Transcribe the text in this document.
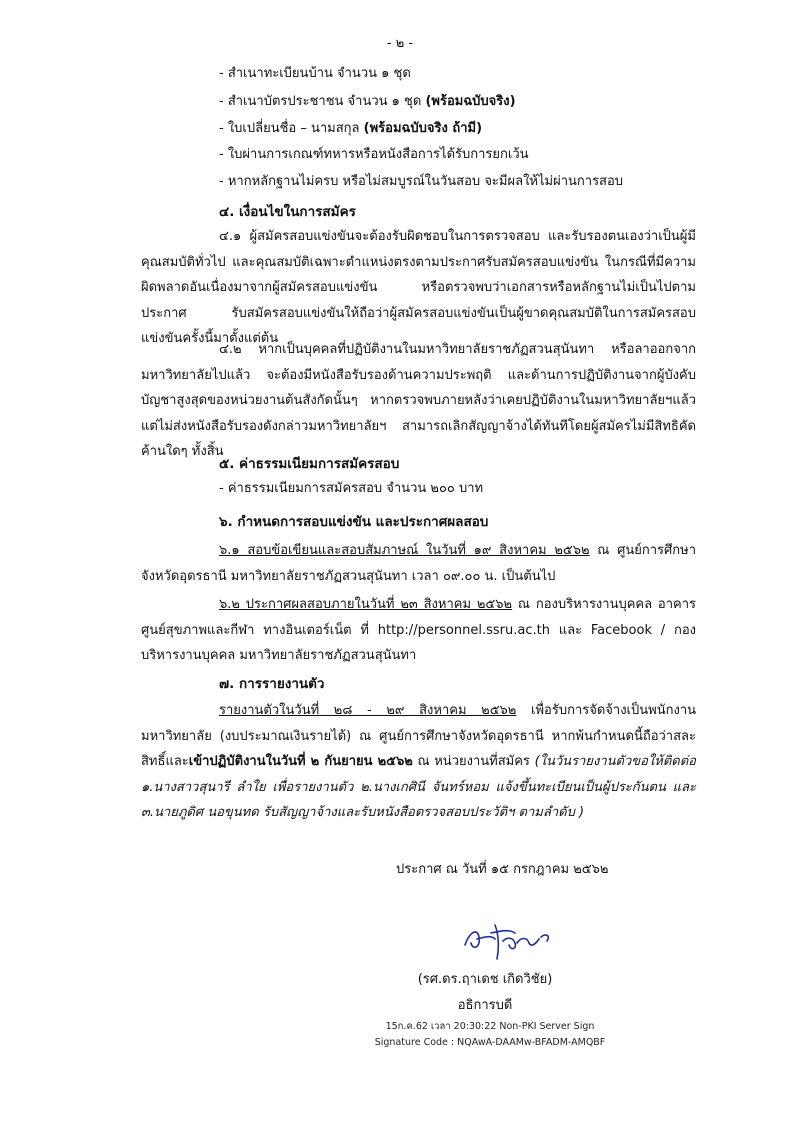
- ๒ -
- สำเนาทะเบียนบ้าน จำนวน ๑ ชุด
- สำเนาบัตรประชาชน จำนวน ๑ ชุด (พร้อมฉบับจริง)
- ใบเปลี่ยนชื่อ – นามสกุล (พร้อมฉบับจริง ถ้ามี)
- ใบผ่านการเกณฑ์ทหารหรือหนังสือการได้รับการยกเว้น
- หากหลักฐานไม่ครบ หรือไม่สมบูรณ์ในวันสอบ จะมีผลให้ไม่ผ่านการสอบ
๔. เงื่อนไขในการสมัคร
๔.๑ ผู้สมัครสอบแข่งขันจะต้องรับผิดชอบในการตรวจสอบ และรับรองตนเองว่าเป็นผู้มีคุณสมบัติทั่วไป และคุณสมบัติเฉพาะตำแหน่งตรงตามประกาศรับสมัครสอบแข่งขัน ในกรณีที่มีความผิดพลาดอันเนื่องมาจากผู้สมัครสอบแข่งขัน หรือตรวจพบว่าเอกสารหรือหลักฐานไม่เป็นไปตามประกาศ รับสมัครสอบแข่งขันให้ถือว่าผู้สมัครสอบแข่งขันเป็นผู้ขาดคุณสมบัติในการสมัครสอบแข่งขันครั้งนี้มาตั้งแต่ต้น
๔.๒ หากเป็นบุคคลที่ปฏิบัติงานในมหาวิทยาลัยราชภัฏสวนสุนันทา หรือลาออกจากมหาวิทยาลัยไปแล้ว จะต้องมีหนังสือรับรองด้านความประพฤติ และด้านการปฏิบัติงานจากผู้บังคับบัญชาสูงสุดของหน่วยงานต้นสังกัดนั้นๆ หากตรวจพบภายหลังว่าเคยปฏิบัติงานในมหาวิทยาลัยฯแล้ว แต่ไม่ส่งหนังสือรับรองดังกล่าวมหาวิทยาลัยฯ สามารถเลิกสัญญาจ้างได้ทันทีโดยผู้สมัครไม่มีสิทธิคัดค้านใดๆ ทั้งสิ้น
๕. ค่าธรรมเนียมการสมัครสอบ
- ค่าธรรมเนียมการสมัครสอบ จำนวน ๒๐๐ บาท
๖. กำหนดการสอบแข่งขัน และประกาศผลสอบ
๖.๑ สอบข้อเขียนและสอบสัมภาษณ์ ในวันที่ ๑๙ สิงหาคม ๒๕๖๒ ณ ศูนย์การศึกษาจังหวัดอุดรธานี มหาวิทยาลัยราชภัฏสวนสุนันทา เวลา ๐๙.๐๐ น. เป็นต้นไป
๖.๒ ประกาศผลสอบภายในวันที่ ๒๓ สิงหาคม ๒๕๖๒ ณ กองบริหารงานบุคคล อาคารศูนย์สุขภาพและกีฬา ทางอินเตอร์เน็ต ที่ http://personnel.ssru.ac.th และ Facebook / กองบริหารงานบุคคล มหาวิทยาลัยราชภัฏสวนสุนันทา
๗. การรายงานตัว
รายงานตัวในวันที่ ๒๘ - ๒๙ สิงหาคม ๒๕๖๒ เพื่อรับการจัดจ้างเป็นพนักงานมหาวิทยาลัย (งบประมาณเงินรายได้) ณ ศูนย์การศึกษาจังหวัดอุดรธานี หากพ้นกำหนดนี้ถือว่าสละสิทธิ์และเข้าปฏิบัติงานในวันที่ ๒ กันยายน ๒๕๖๒ ณ หน่วยงานที่สมัคร (ในวันรายงานตัวขอให้ติดต่อ ๑.นางสาวสุนารี ลำใย เพื่อรายงานตัว ๒.นางเกศินี จันทร์หอม แจ้งขึ้นทะเบียนเป็นผู้ประกันตน และ ๓.นายภูดิศ นอขุนทด รับสัญญาจ้างและรับหนังสือตรวจสอบประวัติฯ ตามลำดับ )
ประกาศ ณ วันที่ ๑๕ กรกฎาคม ๒๕๖๒
(รศ.ดร.ฤาเดช เกิดวิชัย)
อธิการบดี
15ก.ค.62 เวลา 20:30:22 Non-PKI Server Sign
Signature Code : NQAwA-DAAMw-BFADM-AMQBF
